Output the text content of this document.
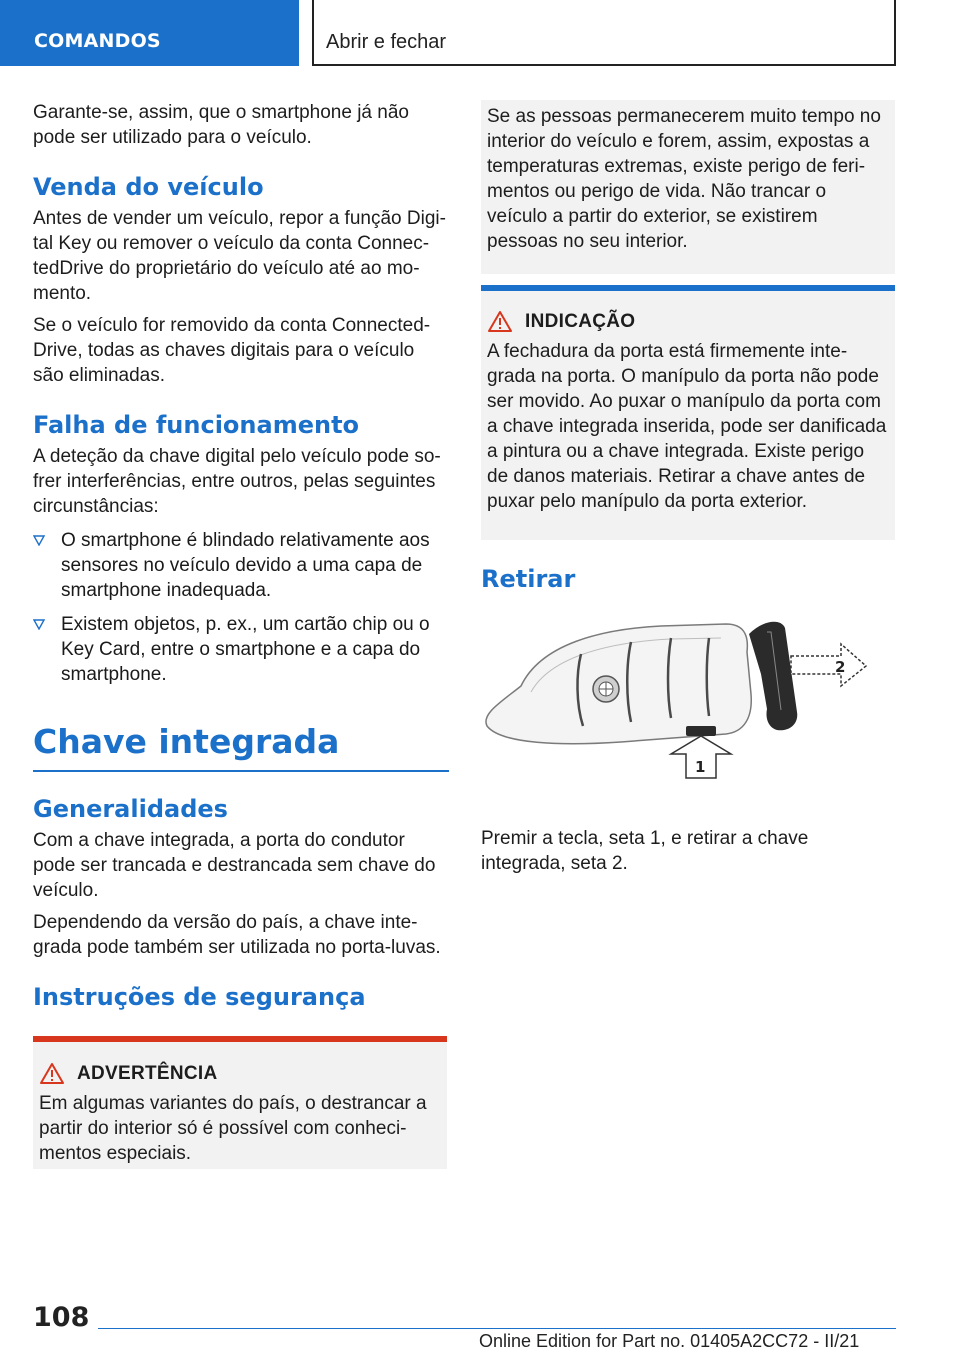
COMANDOS	Abrir e fechar

Garante-se, assim, que o smartphone já não pode ser utilizado para o veículo.

Venda do veículo

Antes de vender um veículo, repor a função Digi-tal Key ou remover o veículo da conta Connec-tedDrive do proprietário do veículo até ao mo-mento.

Se o veículo for removido da conta Connected-Drive, todas as chaves digitais para o veículo são eliminadas.

Falha de funcionamento

A deteção da chave digital pelo veículo pode so-frer interferências, entre outros, pelas seguintes circunstâncias:

O smartphone é blindado relativamente aos sensores no veículo devido a uma capa de smartphone inadequada.
Existem objetos, p. ex., um cartão chip ou o Key Card, entre o smartphone e a capa do smartphone.
Chave integrada
Generalidades

Com a chave integrada, a porta do condutor pode ser trancada e destrancada sem chave do veículo.

Dependendo da versão do país, a chave inte-grada pode também ser utilizada no porta-luvas.

Instruções de segurança
ADVERTÊNCIA

Em algumas variantes do país, o destrancar a partir do interior só é possível com conheci-mentos especiais.

Se as pessoas permanecerem muito tempo no interior do veículo e forem, assim, expostas a temperaturas extremas, existe perigo de feri-mentos ou perigo de vida. Não trancar o veículo a partir do exterior, se existirem pessoas no seu interior.

INDICAÇÃO

A fechadura da porta está firmemente inte-grada na porta. O manípulo da porta não pode ser movido. Ao puxar o manípulo da porta com a chave integrada inserida, pode ser danificada a pintura ou a chave integrada. Existe perigo de danos materiais. Retirar a chave antes de puxar pelo manípulo da porta exterior.

Retirar
1
2

Premir a tecla, seta 1, e retirar a chave integrada, seta 2.

108
Online Edition for Part no. 01405A2CC72 - II/21
